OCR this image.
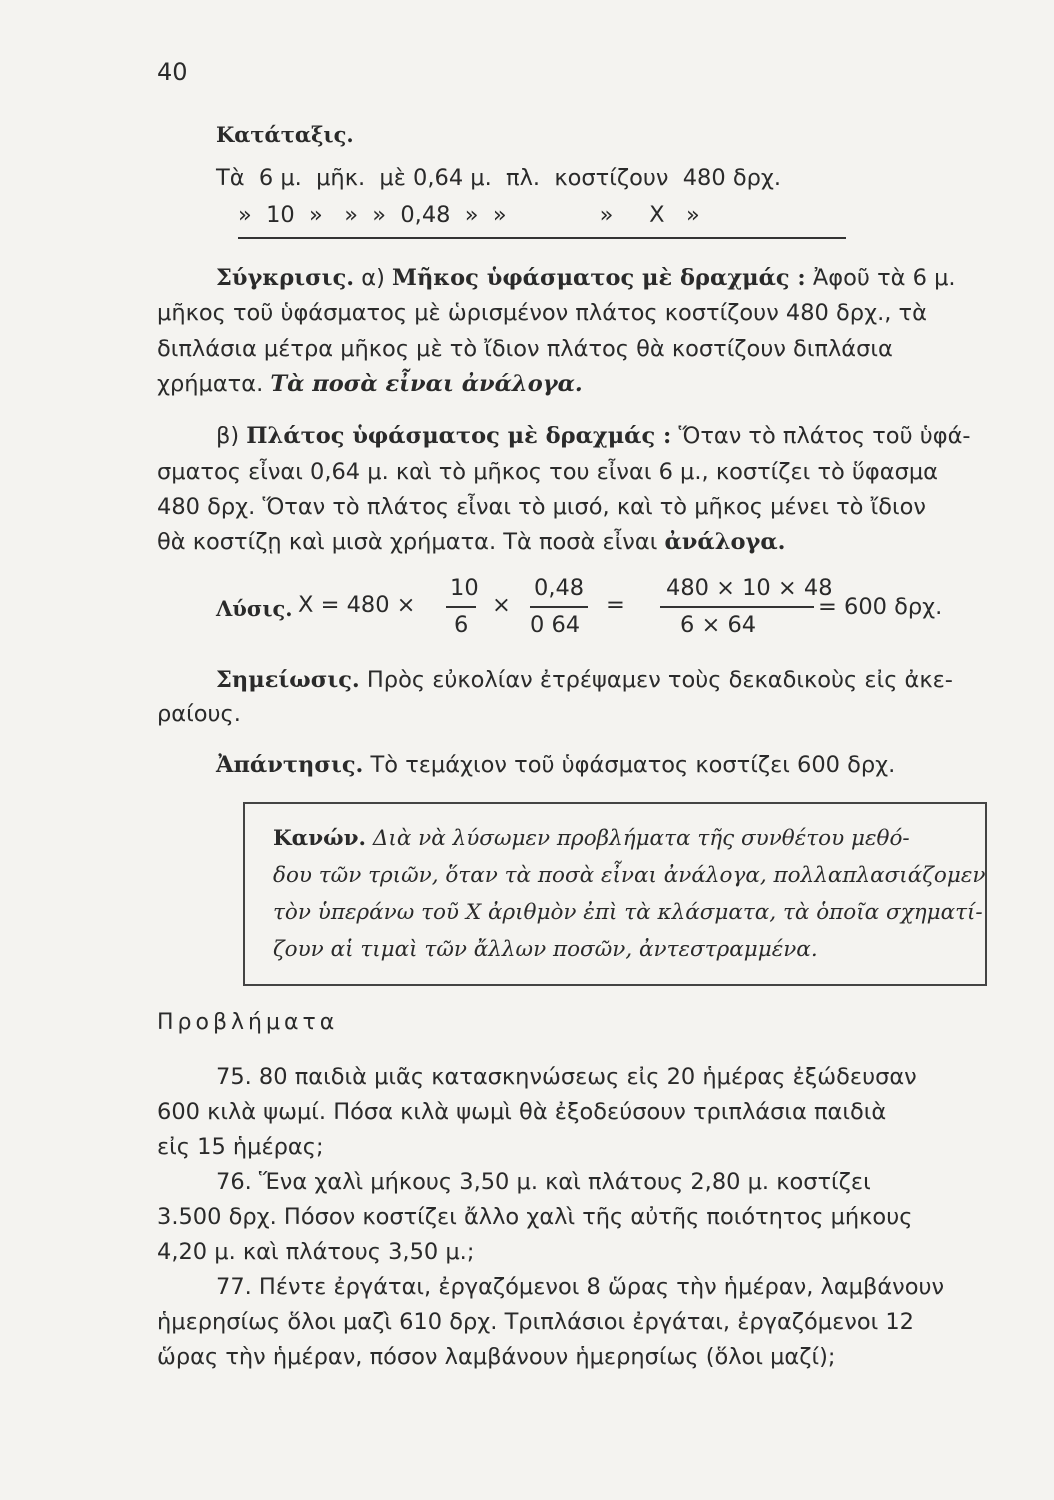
40
Κατάταξις.
Τὰ  6 μ.  μῆκ.  μὲ 0,64 μ.  πλ.  κοστίζουν  480 δρχ.
»  10  »   »  »  0,48  »  »             »     Χ   »
Σύγκρισις. α) Μῆκος ὑφάσματος μὲ δραχμάς : Ἀφοῦ τὰ 6 μ.
μῆκος τοῦ ὑφάσματος μὲ ὡρισμένον πλάτος κοστίζουν 480 δρχ., τὰ
διπλάσια μέτρα μῆκος μὲ τὸ ἴδιον πλάτος θὰ κοστίζουν διπλάσια
χρήματα. Τὰ ποσὰ εἶναι ἀνάλογα.
β) Πλάτος ὑφάσματος μὲ δραχμάς : Ὅταν τὸ πλάτος τοῦ ὑφά-
σματος εἶναι 0,64 μ. καὶ τὸ μῆκος του εἶναι 6 μ., κοστίζει τὸ ὕφασμα
480 δρχ. Ὅταν τὸ πλάτος εἶναι τὸ μισό, καὶ τὸ μῆκος μένει τὸ ἴδιον
θὰ κοστίζῃ καὶ μισὰ χρήματα. Τὰ ποσὰ εἶναι ἀνάλογα.
Λύσις. Χ = 480 ×
10
6
×
0,48
0 64
=
480 × 10 × 48
6 × 64
= 600 δρχ.
Σημείωσις. Πρὸς εὐκολίαν ἐτρέψαμεν τοὺς δεκαδικοὺς εἰς ἀκε-
ραίους.
Ἀπάντησις. Τὸ τεμάχιον τοῦ ὑφάσματος κοστίζει 600 δρχ.
Κανών. Διὰ νὰ λύσωμεν προβλήματα τῆς συνθέτου μεθό-
δου τῶν τριῶν, ὅταν τὰ ποσὰ εἶναι ἀνάλογα, πολλαπλασιάζομεν
τὸν ὑπεράνω τοῦ Χ ἀριθμὸν ἐπὶ τὰ κλάσματα, τὰ ὁποῖα σχηματί-
ζουν αἱ τιμαὶ τῶν ἄλλων ποσῶν, ἀντεστραμμένα.
Προβλήματα
75. 80 παιδιὰ μιᾶς κατασκηνώσεως εἰς 20 ἡμέρας ἐξώδευσαν
600 κιλὰ ψωμί. Πόσα κιλὰ ψωμὶ θὰ ἐξοδεύσουν τριπλάσια παιδιὰ
εἰς 15 ἡμέρας;
76. Ἕνα χαλὶ μήκους 3,50 μ. καὶ πλάτους 2,80 μ. κοστίζει
3.500 δρχ. Πόσον κοστίζει ἄλλο χαλὶ τῆς αὐτῆς ποιότητος μήκους
4,20 μ. καὶ πλάτους 3,50 μ.;
77. Πέντε ἐργάται, ἐργαζόμενοι 8 ὥρας τὴν ἡμέραν, λαμβάνουν
ἡμερησίως ὅλοι μαζὶ 610 δρχ. Τριπλάσιοι ἐργάται, ἐργαζόμενοι 12
ὥρας τὴν ἡμέραν, πόσον λαμβάνουν ἡμερησίως (ὅλοι μαζί);
